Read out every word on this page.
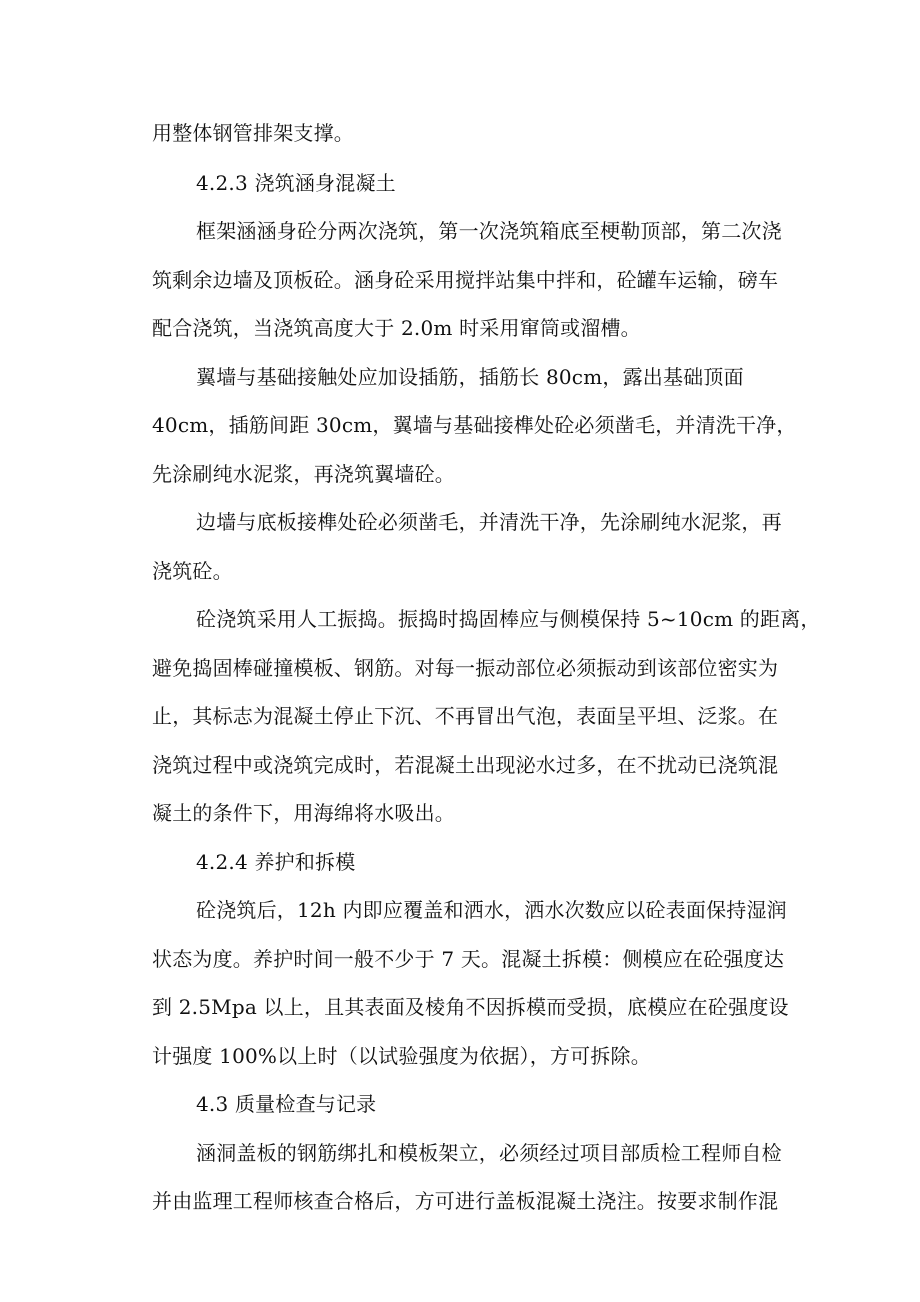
用整体钢管排架支撑。
4.2.3 浇筑涵身混凝土
框架涵涵身砼分两次浇筑，第一次浇筑箱底至梗勒顶部，第二次浇
筑剩余边墙及顶板砼。涵身砼采用搅拌站集中拌和，砼罐车运输，磅车
配合浇筑，当浇筑高度大于 2.0m 时采用窜筒或溜槽。
翼墙与基础接触处应加设插筋，插筋长 80cm，露出基础顶面
40cm，插筋间距 30cm，翼墙与基础接榫处砼必须凿毛，并清洗干净，
先涂刷纯水泥浆，再浇筑翼墙砼。
边墙与底板接榫处砼必须凿毛，并清洗干净，先涂刷纯水泥浆，再
浇筑砼。
砼浇筑采用人工振捣。振捣时捣固棒应与侧模保持 5~10cm 的距离，
避免捣固棒碰撞模板、钢筋。对每一振动部位必须振动到该部位密实为
止，其标志为混凝土停止下沉、不再冒出气泡，表面呈平坦、泛浆。在
浇筑过程中或浇筑完成时，若混凝土出现泌水过多，在不扰动已浇筑混
凝土的条件下，用海绵将水吸出。
4.2.4 养护和拆模
砼浇筑后，12h 内即应覆盖和洒水，洒水次数应以砼表面保持湿润
状态为度。养护时间一般不少于 7 天。混凝土拆模：侧模应在砼强度达
到 2.5Mpa 以上，且其表面及棱角不因拆模而受损，底模应在砼强度设
计强度 100%以上时（以试验强度为依据），方可拆除。
4.3 质量检查与记录
涵洞盖板的钢筋绑扎和模板架立，必须经过项目部质检工程师自检
并由监理工程师核查合格后，方可进行盖板混凝土浇注。按要求制作混
